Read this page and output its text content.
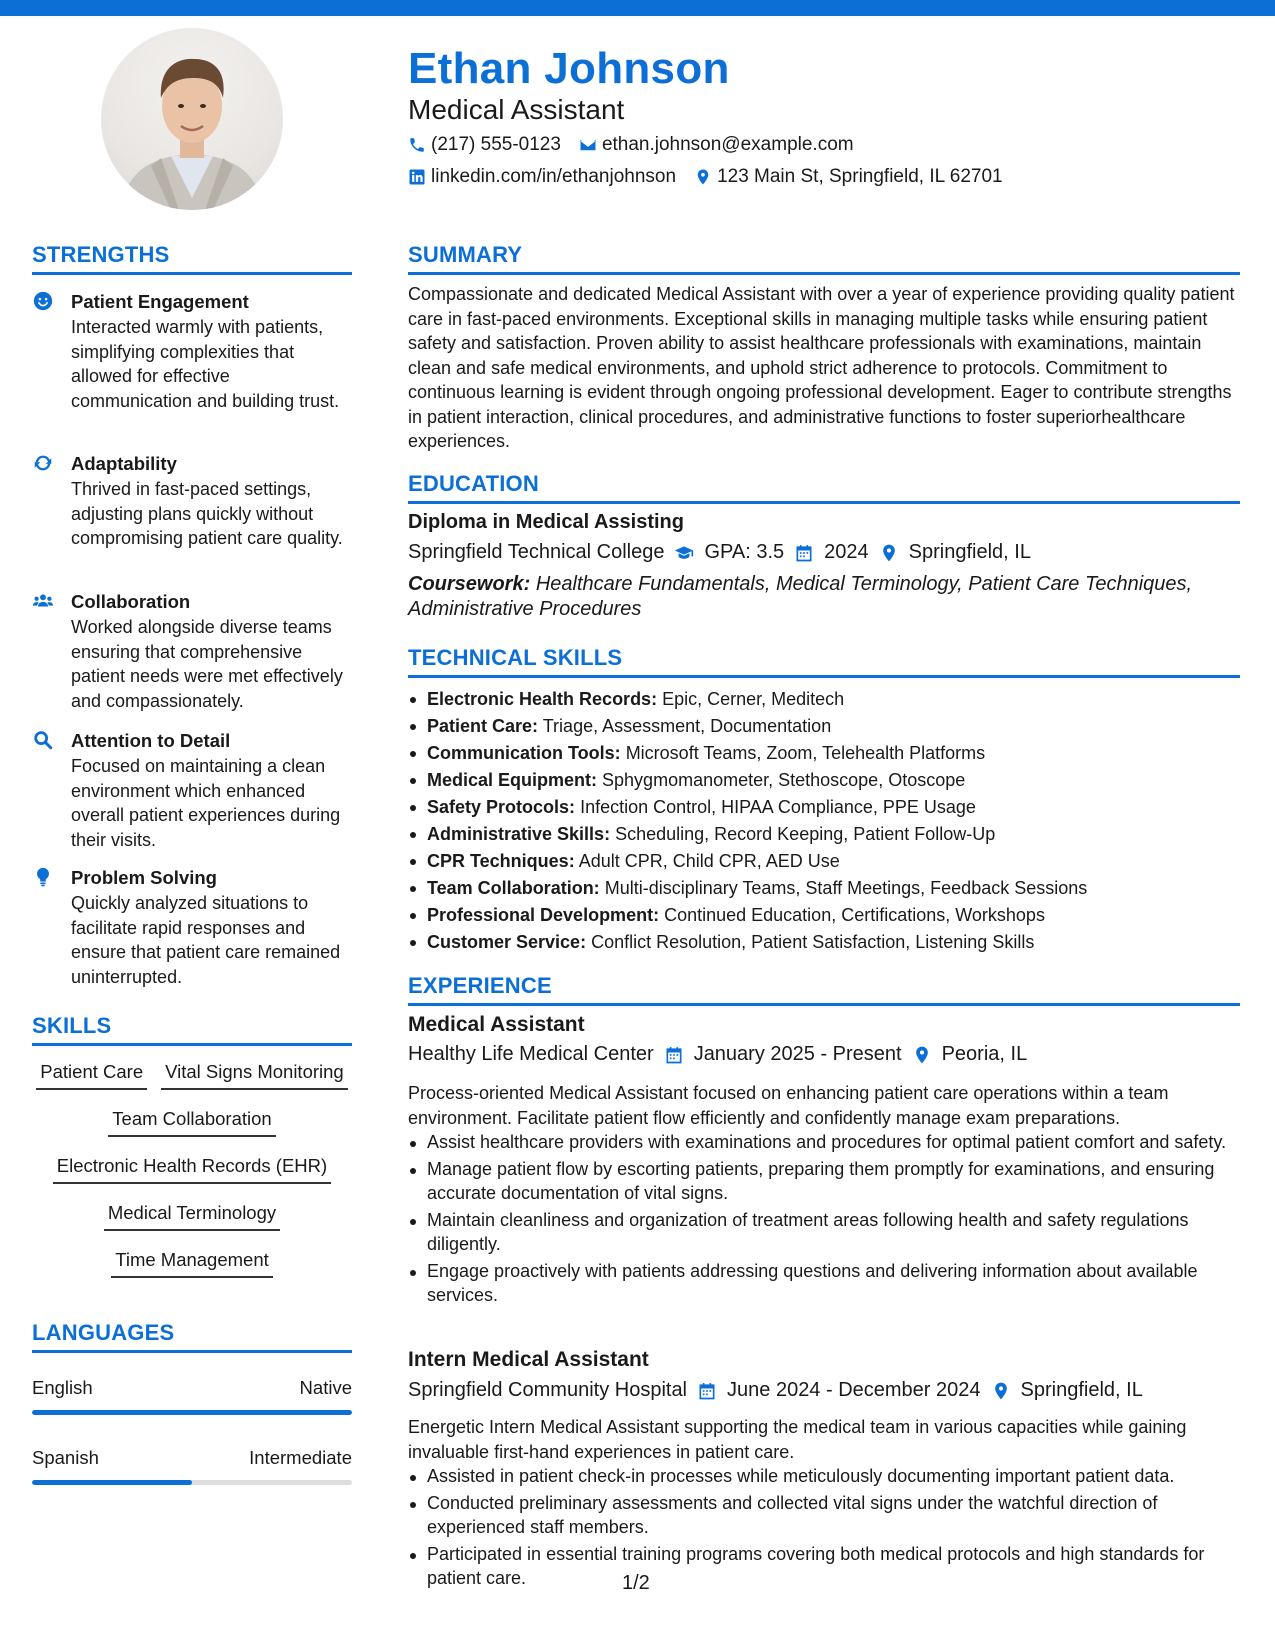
Ethan Johnson
Medical Assistant
(217) 555-0123 ethan.johnson@example.com
linkedin.com/in/ethanjohnson 123 Main St, Springfield, IL 62701
STRENGTHS
Patient Engagement
Interacted warmly with patients, simplifying complexities that allowed for effective communication and building trust.
Adaptability
Thrived in fast-paced settings, adjusting plans quickly without compromising patient care quality.
Collaboration
Worked alongside diverse teams ensuring that comprehensive patient needs were met effectively and compassionately.
Attention to Detail
Focused on maintaining a clean environment which enhanced overall patient experiences during their visits.
Problem Solving
Quickly analyzed situations to facilitate rapid responses and ensure that patient care remained uninterrupted.
SKILLS
Patient Care Vital Signs Monitoring
Team Collaboration
Electronic Health Records (EHR)
Medical Terminology
Time Management
LANGUAGES
English	Native
Spanish	Intermediate
SUMMARY
Compassionate and dedicated Medical Assistant with over a year of experience providing quality patient care in fast-paced environments. Exceptional skills in managing multiple tasks while ensuring patient safety and satisfaction. Proven ability to assist healthcare professionals with examinations, maintain clean and safe medical environments, and uphold strict adherence to protocols. Commitment to continuous learning is evident through ongoing professional development. Eager to contribute strengths in patient interaction, clinical procedures, and administrative functions to foster superiorhealthcare experiences.
EDUCATION
Diploma in Medical Assisting
Springfield Technical College GPA: 3.5 2024 Springfield, IL
Coursework: Healthcare Fundamentals, Medical Terminology, Patient Care Techniques, Administrative Procedures
TECHNICAL SKILLS
Electronic Health Records: Epic, Cerner, Meditech
Patient Care: Triage, Assessment, Documentation
Communication Tools: Microsoft Teams, Zoom, Telehealth Platforms
Medical Equipment: Sphygmomanometer, Stethoscope, Otoscope
Safety Protocols: Infection Control, HIPAA Compliance, PPE Usage
Administrative Skills: Scheduling, Record Keeping, Patient Follow-Up
CPR Techniques: Adult CPR, Child CPR, AED Use
Team Collaboration: Multi-disciplinary Teams, Staff Meetings, Feedback Sessions
Professional Development: Continued Education, Certifications, Workshops
Customer Service: Conflict Resolution, Patient Satisfaction, Listening Skills
EXPERIENCE
Medical Assistant
Healthy Life Medical Center January 2025 - Present Peoria, IL
Process-oriented Medical Assistant focused on enhancing patient care operations within a team environment. Facilitate patient flow efficiently and confidently manage exam preparations.
Assist healthcare providers with examinations and procedures for optimal patient comfort and safety.
Manage patient flow by escorting patients, preparing them promptly for examinations, and ensuring accurate documentation of vital signs.
Maintain cleanliness and organization of treatment areas following health and safety regulations diligently.
Engage proactively with patients addressing questions and delivering information about available services.
Intern Medical Assistant
Springfield Community Hospital June 2024 - December 2024 Springfield, IL
Energetic Intern Medical Assistant supporting the medical team in various capacities while gaining invaluable first-hand experiences in patient care.
Assisted in patient check-in processes while meticulously documenting important patient data.
Conducted preliminary assessments and collected vital signs under the watchful direction of experienced staff members.
Participated in essential training programs covering both medical protocols and high standards for patient care.	1/2
